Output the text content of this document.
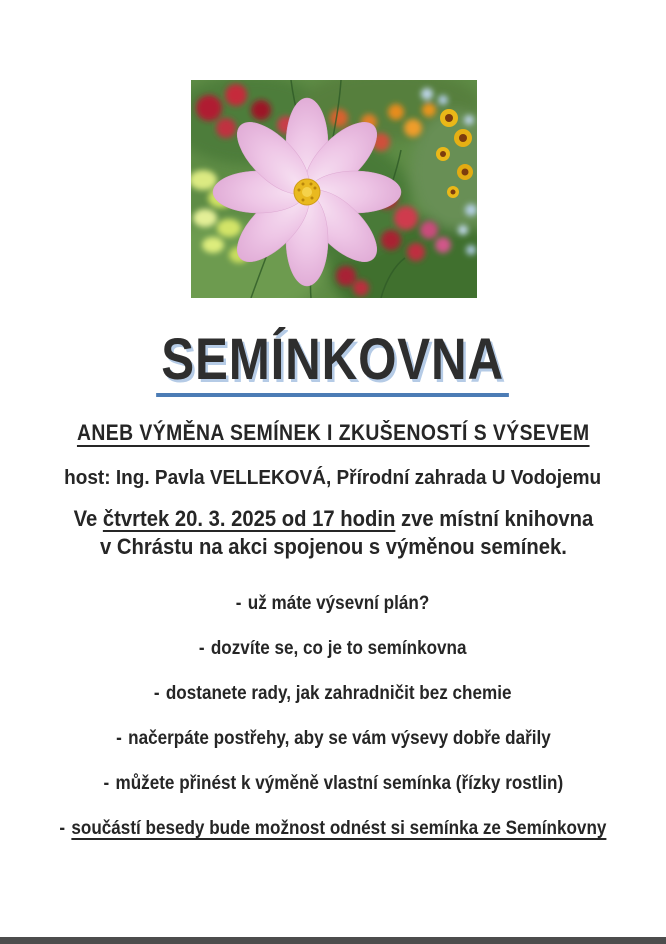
SEMÍNKOVNA
ANEB VÝMĚNA SEMÍNEK I ZKUŠENOSTÍ S VÝSEVEM
host: Ing. Pavla VELLEKOVÁ, Přírodní zahrada U Vodojemu
Ve čtvrtek 20. 3. 2025 od 17 hodin zve místní knihovna
v Chrástu na akci spojenou s výměnou semínek.
- už máte výsevní plán?
- dozvíte se, co je to semínkovna
- dostanete rady, jak zahradničit bez chemie
- načerpáte postřehy, aby se vám výsevy dobře dařily
- můžete přinést k výměně vlastní semínka (řízky rostlin)
- součástí besedy bude možnost odnést si semínka ze Semínkovny
